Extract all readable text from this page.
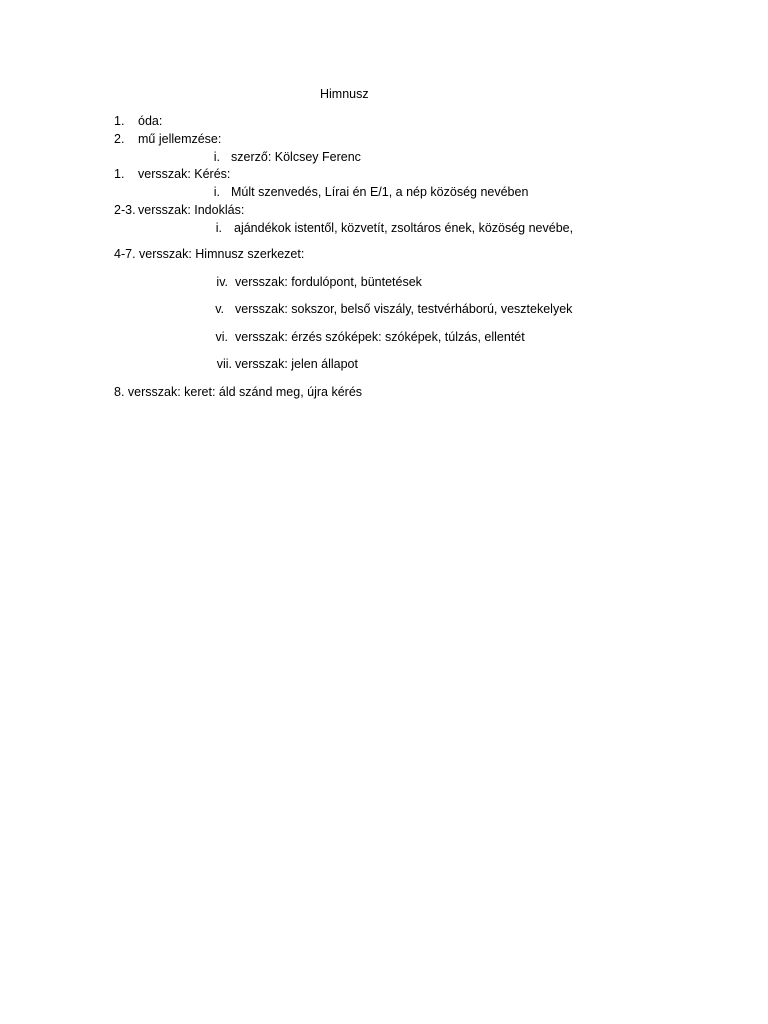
Himnusz
1. óda:
2. mű jellemzése:
i. szerző: Kölcsey Ferenc
1. versszak: Kérés:
i. Múlt szenvedés, Lírai én E/1, a nép közöség nevében
2-3. versszak: Indoklás:
i. ajándékok istentől, közvetít, zsoltáros ének, közöség nevébe,
4-7. versszak: Himnusz szerkezet:
iv. versszak: fordulópont, büntetések
v. versszak: sokszor, belső viszály, testvérháború, vesztekelyek
vi. versszak: érzés szóképek: szóképek, túlzás, ellentét
vii. versszak: jelen állapot
8. versszak: keret: áld szánd meg, újra kérés
